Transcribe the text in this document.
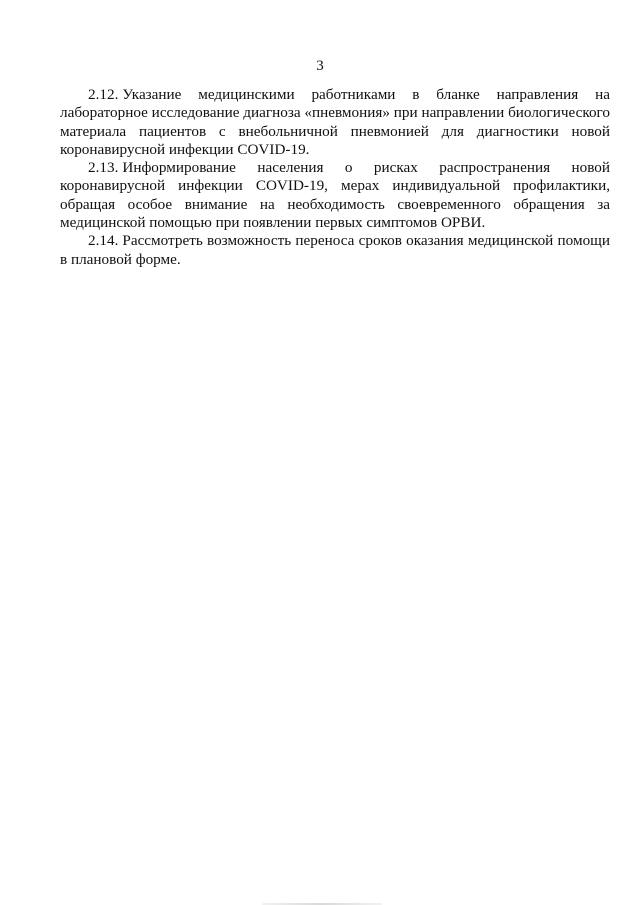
3

2.12. Указание медицинскими работниками в бланке направления на лабораторное исследование диагноза «пневмония» при направлении биологического материала пациентов с внебольничной пневмонией для диагностики новой коронавирусной инфекции COVID-19.

2.13. Информирование населения о рисках распространения новой коронавирусной инфекции COVID-19, мерах индивидуальной профилактики, обращая особое внимание на необходимость своевременного обращения за медицинской помощью при появлении первых симптомов ОРВИ.

2.14. Рассмотреть возможность переноса сроков оказания медицинской помощи в плановой форме.
